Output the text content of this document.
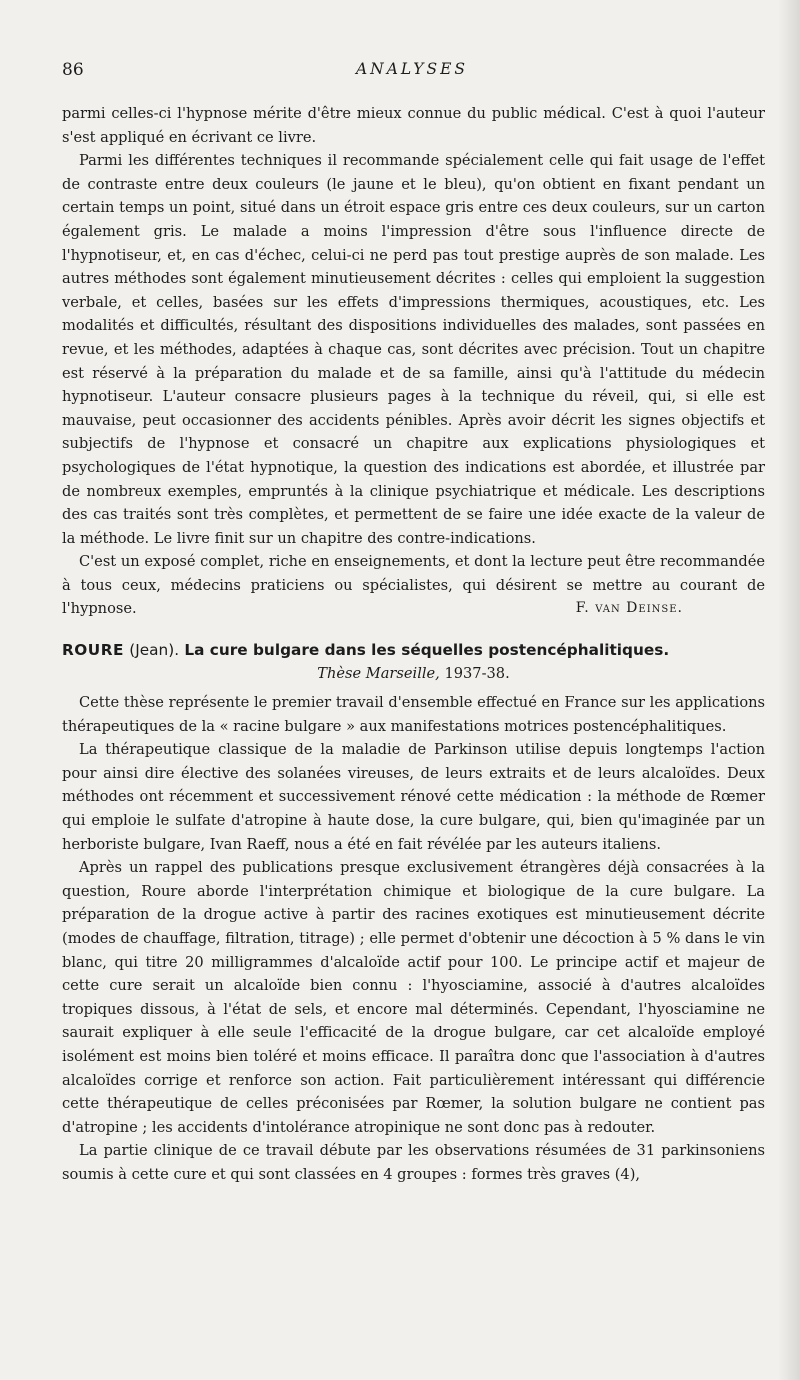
86	ANALYSES

parmi celles-ci l'hypnose mérite d'être mieux connue du public médical. C'est à quoi l'auteur s'est appliqué en écrivant ce livre.

Parmi les différentes techniques il recommande spécialement celle qui fait usage de l'effet de contraste entre deux couleurs (le jaune et le bleu), qu'on obtient en fixant pendant un certain temps un point, situé dans un étroit espace gris entre ces deux couleurs, sur un carton également gris. Le malade a moins l'impression d'être sous l'influence directe de l'hypnotiseur, et, en cas d'échec, celui-ci ne perd pas tout prestige auprès de son malade. Les autres méthodes sont également minutieusement décrites : celles qui emploient la suggestion verbale, et celles, basées sur les effets d'impressions thermiques, acoustiques, etc. Les modalités et difficultés, résultant des dispositions individuelles des malades, sont passées en revue, et les méthodes, adaptées à chaque cas, sont décrites avec précision. Tout un chapitre est réservé à la préparation du malade et de sa famille, ainsi qu'à l'attitude du médecin hypnotiseur. L'auteur consacre plusieurs pages à la technique du réveil, qui, si elle est mauvaise, peut occasionner des accidents pénibles. Après avoir décrit les signes objectifs et subjectifs de l'hypnose et consacré un chapitre aux explications physiologiques et psychologiques de l'état hypnotique, la question des indications est abordée, et illustrée par de nombreux exemples, empruntés à la clinique psychiatrique et médicale. Les descriptions des cas traités sont très complètes, et permettent de se faire une idée exacte de la valeur de la méthode. Le livre finit sur un chapitre des contre-indications.

C'est un exposé complet, riche en enseignements, et dont la lecture peut être recommandée à tous ceux, médecins praticiens ou spécialistes, qui désirent se mettre au courant de l'hypnose.	F. van Deinse.

ROURE (Jean). La cure bulgare dans les séquelles postencéphalitiques.
Thèse Marseille, 1937-38.

Cette thèse représente le premier travail d'ensemble effectué en France sur les applications thérapeutiques de la « racine bulgare » aux manifestations motrices postencéphalitiques.

La thérapeutique classique de la maladie de Parkinson utilise depuis longtemps l'action pour ainsi dire élective des solanées vireuses, de leurs extraits et de leurs alcaloïdes. Deux méthodes ont récemment et successivement rénové cette médication : la méthode de Rœmer qui emploie le sulfate d'atropine à haute dose, la cure bulgare, qui, bien qu'imaginée par un herboriste bulgare, Ivan Raeff, nous a été en fait révélée par les auteurs italiens.

Après un rappel des publications presque exclusivement étrangères déjà consacrées à la question, Roure aborde l'interprétation chimique et biologique de la cure bulgare. La préparation de la drogue active à partir des racines exotiques est minutieusement décrite (modes de chauffage, filtration, titrage) ; elle permet d'obtenir une décoction à 5 % dans le vin blanc, qui titre 20 milligrammes d'alcaloïde actif pour 100. Le principe actif et majeur de cette cure serait un alcaloïde bien connu : l'hyosciamine, associé à d'autres alcaloïdes tropiques dissous, à l'état de sels, et encore mal déterminés. Cependant, l'hyosciamine ne saurait expliquer à elle seule l'efficacité de la drogue bulgare, car cet alcaloïde employé isolément est moins bien toléré et moins efficace. Il paraîtra donc que l'association à d'autres alcaloïdes corrige et renforce son action. Fait particulièrement intéressant qui différencie cette thérapeutique de celles préconisées par Rœmer, la solution bulgare ne contient pas d'atropine ; les accidents d'intolérance atropinique ne sont donc pas à redouter.

La partie clinique de ce travail débute par les observations résumées de 31 parkinsoniens soumis à cette cure et qui sont classées en 4 groupes : formes très graves (4),
